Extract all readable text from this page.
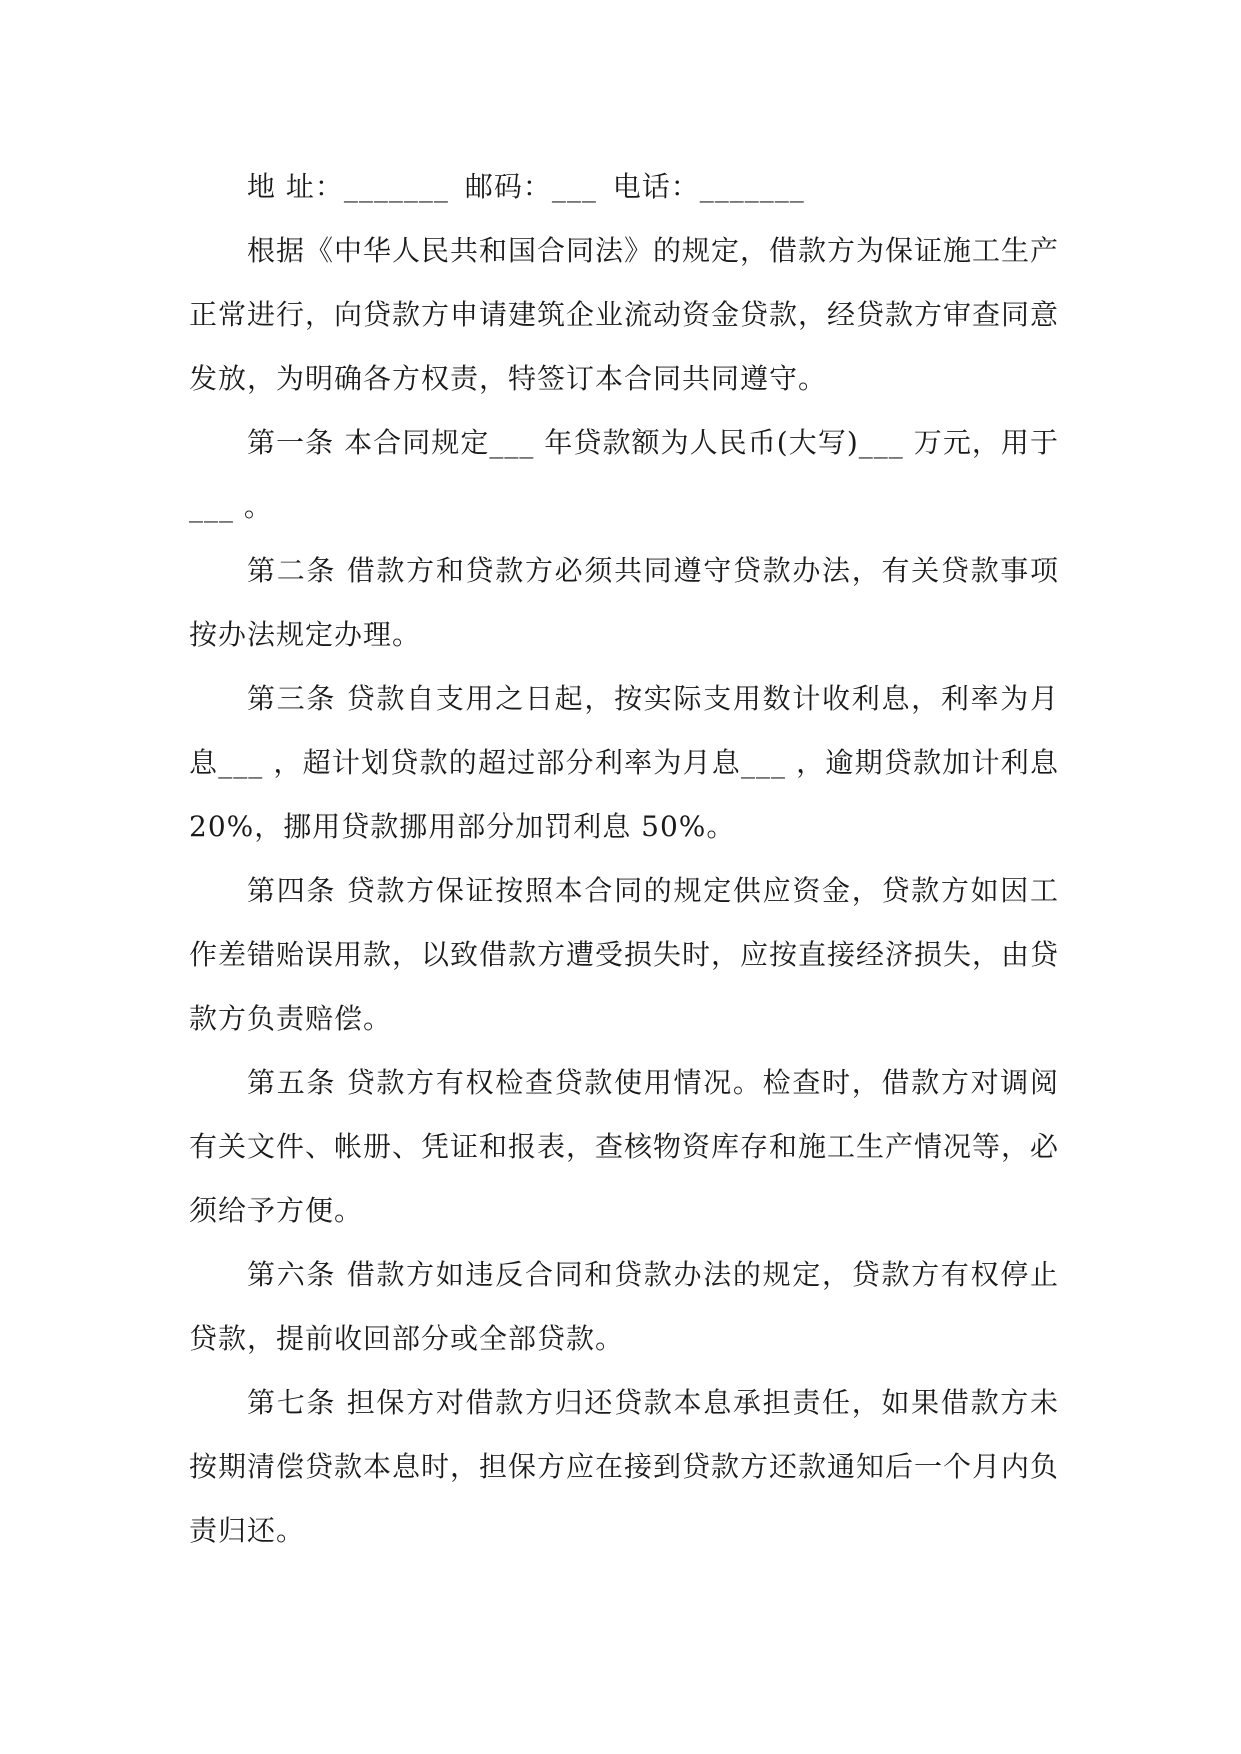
地 址：_______ 邮码：___ 电话：_______

根据《中华人民共和国合同法》的规定，借款方为保证施工生产正常进行，向贷款方申请建筑企业流动资金贷款，经贷款方审查同意发放，为明确各方权责，特签订本合同共同遵守。

第一条 本合同规定___ 年贷款额为人民币(大写)___ 万元，用于___ 。

第二条 借款方和贷款方必须共同遵守贷款办法，有关贷款事项按办法规定办理。

第三条 贷款自支用之日起，按实际支用数计收利息，利率为月息___ ，超计划贷款的超过部分利率为月息___ ，逾期贷款加计利息 20%，挪用贷款挪用部分加罚利息 50%。

第四条 贷款方保证按照本合同的规定供应资金，贷款方如因工作差错贻误用款，以致借款方遭受损失时，应按直接经济损失，由贷款方负责赔偿。

第五条 贷款方有权检查贷款使用情况。检查时，借款方对调阅有关文件、帐册、凭证和报表，查核物资库存和施工生产情况等，必须给予方便。

第六条 借款方如违反合同和贷款办法的规定，贷款方有权停止贷款，提前收回部分或全部贷款。

第七条 担保方对借款方归还贷款本息承担责任，如果借款方未按期清偿贷款本息时，担保方应在接到贷款方还款通知后一个月内负责归还。
